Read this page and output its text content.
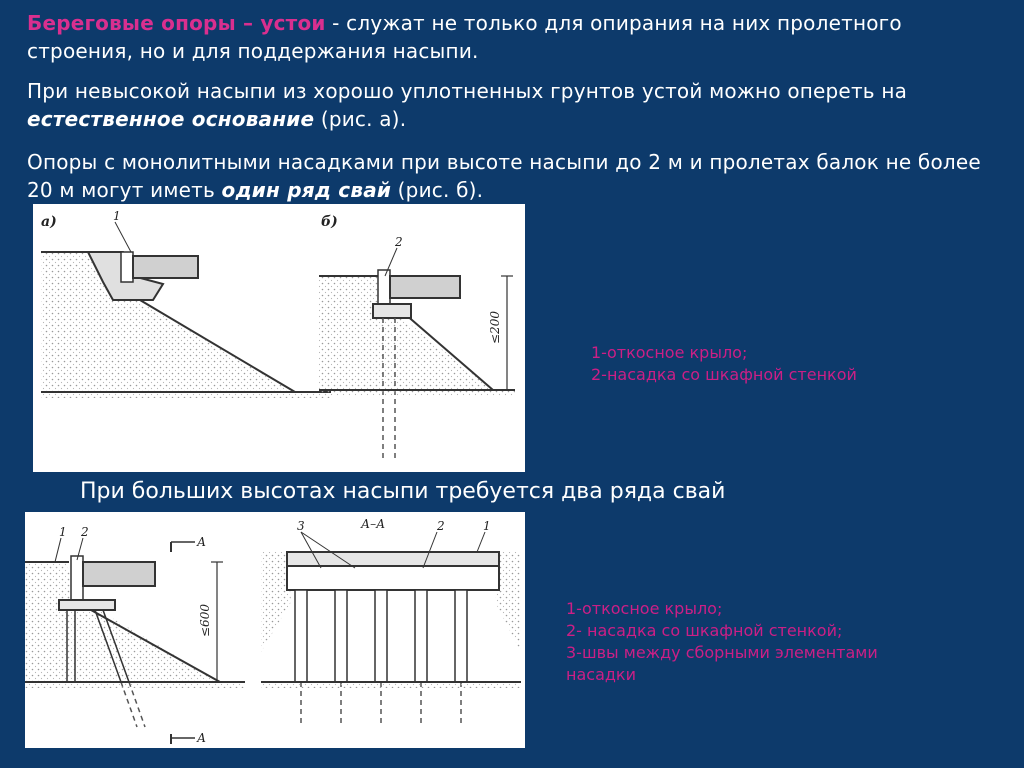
Береговые опоры – устои - служат не только для опирания на них пролетного строения, но и для поддержания насыпи.

При невысокой насыпи из хорошо уплотненных грунтов устой можно опереть на естественное основание (рис. а).

Опоры с монолитными насадками при высоте насыпи до 2 м и пролетах балок не более 20 м могут иметь один ряд свай (рис. б).

а)	1	б)
2
≤200
1-откосное крыло;
2-насадка со шкафной стенкой
При больших высотах насыпи требуется два ряда свай
≤600
1 2
А
А
А–А
3	2	1
1-откосное крыло;
2- насадка со шкафной стенкой;
3-швы между сборными элементами
насадки
